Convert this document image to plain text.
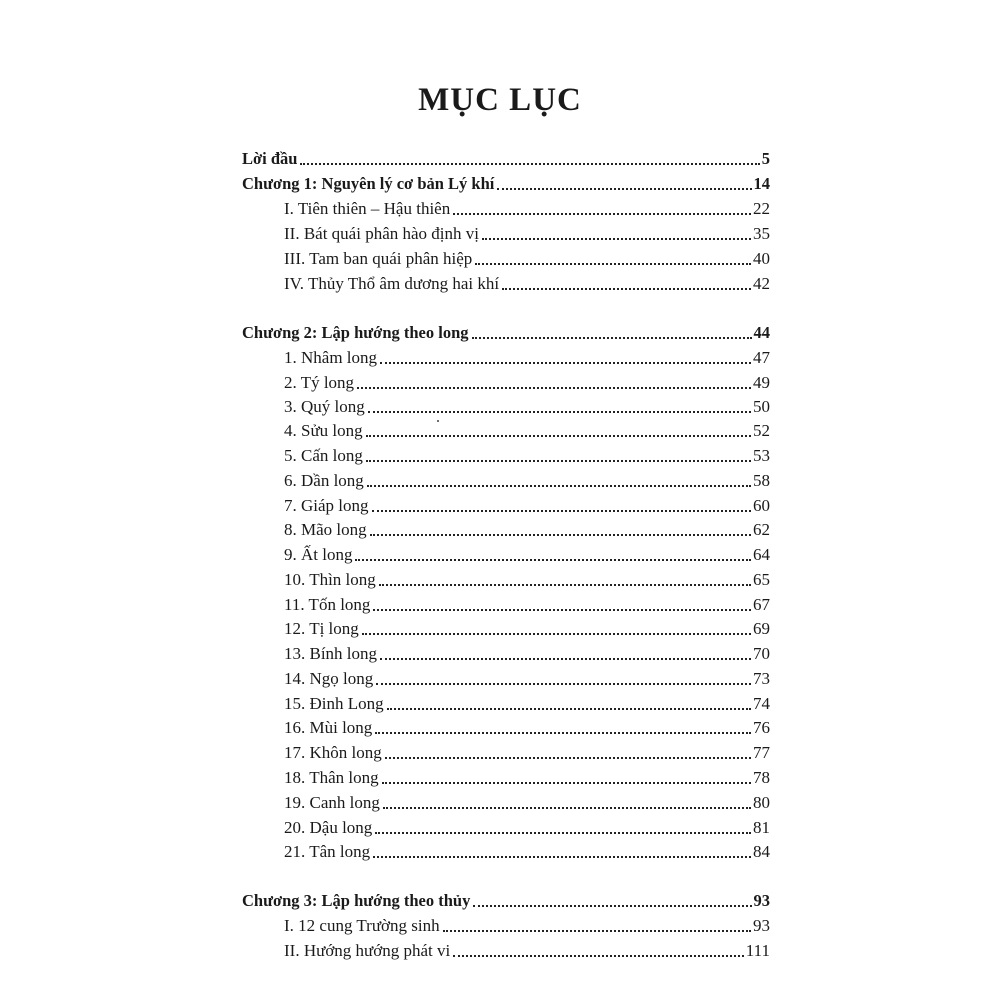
MỤC LỤC
Lời đầu	5
Chương 1: Nguyên lý cơ bản Lý khí	14
I. Tiên thiên – Hậu thiên	22
II. Bát quái phân hào định vị	35
III. Tam ban quái phân hiệp	40
IV. Thủy Thổ âm dương hai khí	42
Chương 2: Lập hướng theo long	44
1. Nhâm long	47
2. Tý long	49
3. Quý long	50
4. Sửu long	52
5. Cấn long	53
6. Dần long	58
7. Giáp long	60
8. Mão long	62
9. Ất long	64
10. Thìn long	65
11. Tốn long	67
12. Tị long	69
13. Bính long	70
14. Ngọ long	73
15. Đinh Long	74
16. Mùi long	76
17. Khôn long	77
18. Thân long	78
19. Canh long	80
20. Dậu long	81
21. Tân long	84
Chương 3: Lập hướng theo thủy	93
I. 12 cung Trường sinh	93
II. Hướng hướng phát vi	111
